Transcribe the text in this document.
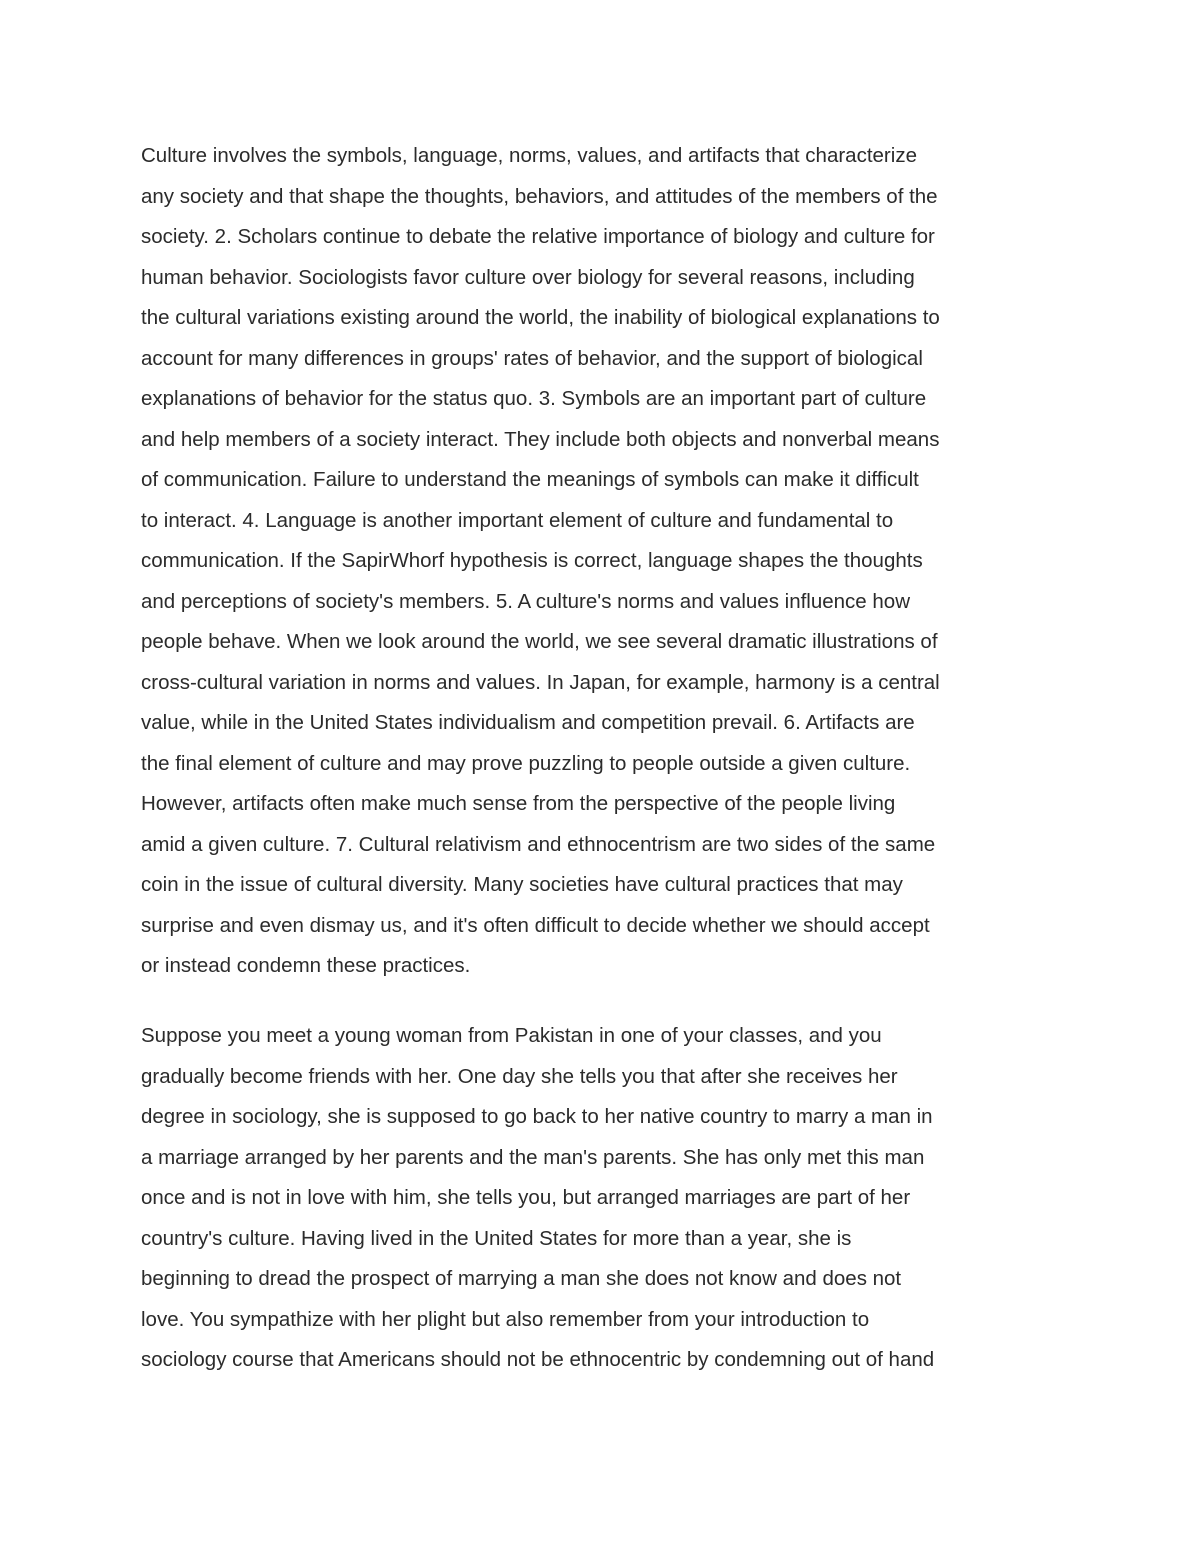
Culture involves the symbols, language, norms, values, and artifacts that characterize
any society and that shape the thoughts, behaviors, and attitudes of the members of the
society. 2. Scholars continue to debate the relative importance of biology and culture for
human behavior. Sociologists favor culture over biology for several reasons, including
the cultural variations existing around the world, the inability of biological explanations to
account for many differences in groups' rates of behavior, and the support of biological
explanations of behavior for the status quo. 3. Symbols are an important part of culture
and help members of a society interact. They include both objects and nonverbal means
of communication. Failure to understand the meanings of symbols can make it difficult
to interact. 4. Language is another important element of culture and fundamental to
communication. If the SapirWhorf hypothesis is correct, language shapes the thoughts
and perceptions of society's members. 5. A culture's norms and values influence how
people behave. When we look around the world, we see several dramatic illustrations of
cross-cultural variation in norms and values. In Japan, for example, harmony is a central
value, while in the United States individualism and competition prevail. 6. Artifacts are
the final element of culture and may prove puzzling to people outside a given culture.
However, artifacts often make much sense from the perspective of the people living
amid a given culture. 7. Cultural relativism and ethnocentrism are two sides of the same
coin in the issue of cultural diversity. Many societies have cultural practices that may
surprise and even dismay us, and it's often difficult to decide whether we should accept
or instead condemn these practices.
Suppose you meet a young woman from Pakistan in one of your classes, and you
gradually become friends with her. One day she tells you that after she receives her
degree in sociology, she is supposed to go back to her native country to marry a man in
a marriage arranged by her parents and the man's parents. She has only met this man
once and is not in love with him, she tells you, but arranged marriages are part of her
country's culture. Having lived in the United States for more than a year, she is
beginning to dread the prospect of marrying a man she does not know and does not
love. You sympathize with her plight but also remember from your introduction to
sociology course that Americans should not be ethnocentric by condemning out of hand
